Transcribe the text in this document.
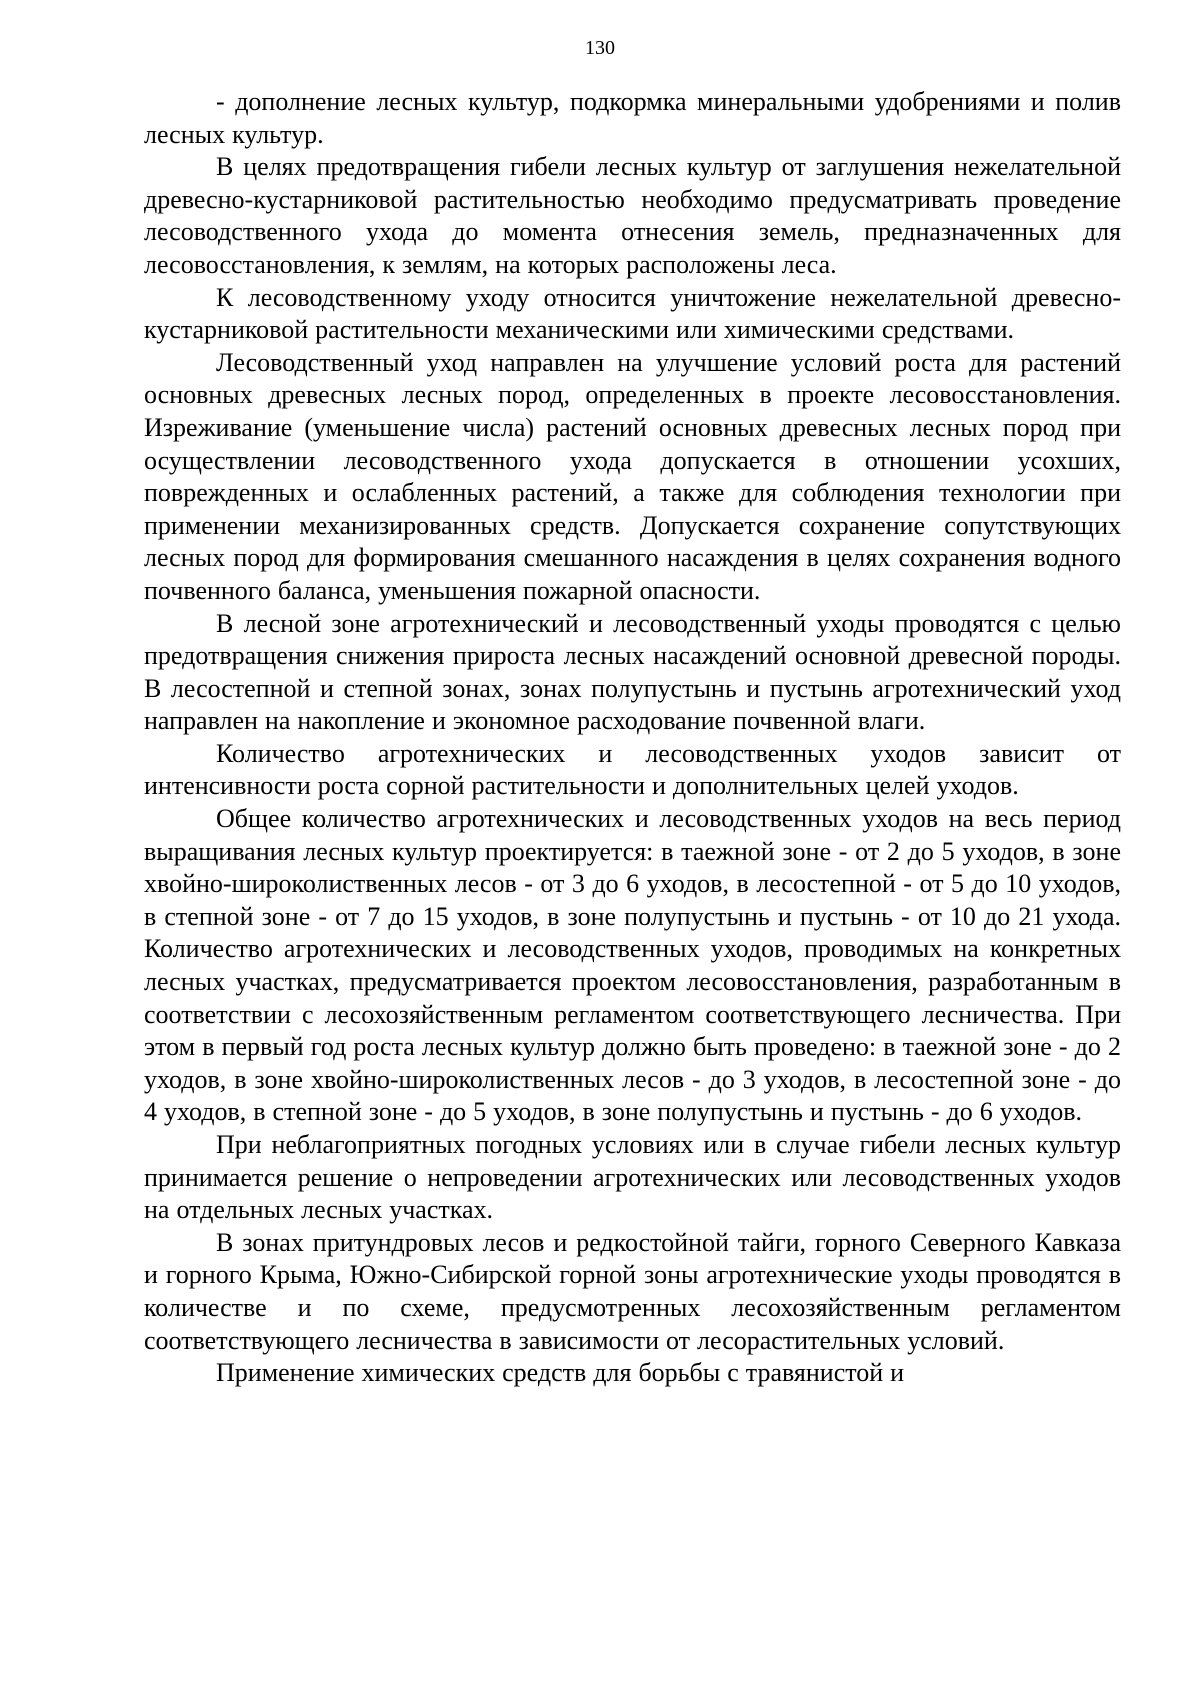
130

- дополнение лесных культур, подкормка минеральными удобрениями и полив лесных культур.

В целях предотвращения гибели лесных культур от заглушения нежелательной древесно-кустарниковой растительностью необходимо предусматривать проведение лесоводственного ухода до момента отнесения земель, предназначенных для лесовосстановления, к землям, на которых расположены леса.

К лесоводственному уходу относится уничтожение нежелательной древесно-кустарниковой растительности механическими или химическими средствами.

Лесоводственный уход направлен на улучшение условий роста для растений основных древесных лесных пород, определенных в проекте лесовосстановления. Изреживание (уменьшение числа) растений основных древесных лесных пород при осуществлении лесоводственного ухода допускается в отношении усохших, поврежденных и ослабленных растений, а также для соблюдения технологии при применении механизированных средств. Допускается сохранение сопутствующих лесных пород для формирования смешанного насаждения в целях сохранения водного почвенного баланса, уменьшения пожарной опасности.

В лесной зоне агротехнический и лесоводственный уходы проводятся с целью предотвращения снижения прироста лесных насаждений основной древесной породы. В лесостепной и степной зонах, зонах полупустынь и пустынь агротехнический уход направлен на накопление и экономное расходование почвенной влаги.

Количество агротехнических и лесоводственных уходов зависит от интенсивности роста сорной растительности и дополнительных целей уходов.

Общее количество агротехнических и лесоводственных уходов на весь период выращивания лесных культур проектируется: в таежной зоне - от 2 до 5 уходов, в зоне хвойно-широколиственных лесов - от 3 до 6 уходов, в лесостепной - от 5 до 10 уходов, в степной зоне - от 7 до 15 уходов, в зоне полупустынь и пустынь - от 10 до 21 ухода. Количество агротехнических и лесоводственных уходов, проводимых на конкретных лесных участках, предусматривается проектом лесовосстановления, разработанным в соответствии с лесохозяйственным регламентом соответствующего лесничества. При этом в первый год роста лесных культур должно быть проведено: в таежной зоне - до 2 уходов, в зоне хвойно-широколиственных лесов - до 3 уходов, в лесостепной зоне - до 4 уходов, в степной зоне - до 5 уходов, в зоне полупустынь и пустынь - до 6 уходов.

При неблагоприятных погодных условиях или в случае гибели лесных культур принимается решение о непроведении агротехнических или лесоводственных уходов на отдельных лесных участках.

В зонах притундровых лесов и редкостойной тайги, горного Северного Кавказа и горного Крыма, Южно-Сибирской горной зоны агротехнические уходы проводятся в количестве и по схеме, предусмотренных лесохозяйственным регламентом соответствующего лесничества в зависимости от лесорастительных условий.

Применение химических средств для борьбы с травянистой и
